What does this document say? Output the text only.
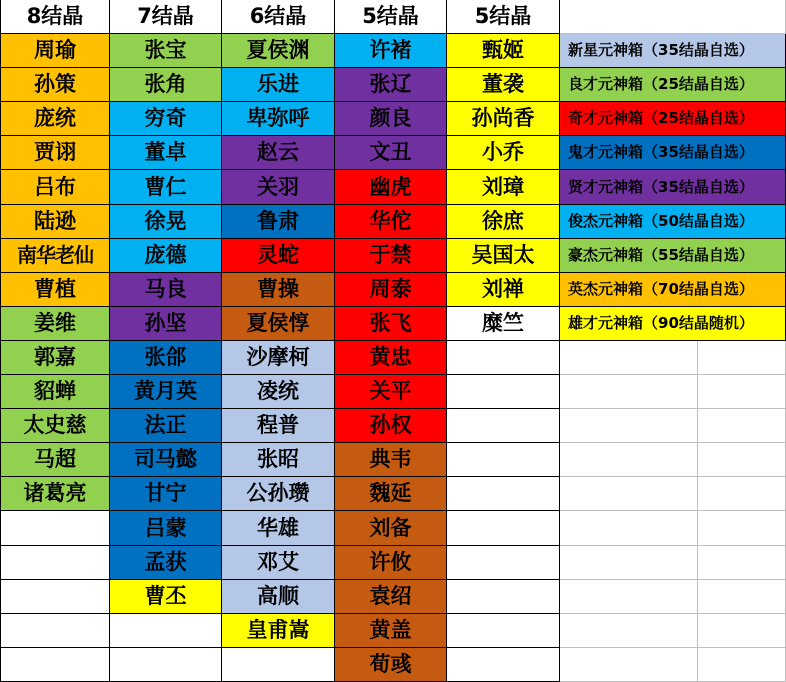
8结晶
周瑜
孙策
庞统
贾诩
吕布
陆逊
南华老仙
曹植
姜维
郭嘉
貂蝉
太史慈
马超
诸葛亮
7结晶
张宝
张角
穷奇
董卓
曹仁
徐晃
庞德
马良
孙坚
张郃
黄月英
法正
司马懿
甘宁
吕蒙
孟获
曹丕
6结晶
夏侯渊
乐进
卑弥呼
赵云
关羽
鲁肃
灵蛇
曹操
夏侯惇
沙摩柯
凌统
程普
张昭
公孙瓒
华雄
邓艾
高顺
皇甫嵩
5结晶
许褚
张辽
颜良
文丑
幽虎
华佗
于禁
周泰
张飞
黄忠
关平
孙权
典韦
魏延
刘备
许攸
袁绍
黄盖
荀彧
5结晶
甄姬
董袭
孙尚香
小乔
刘璋
徐庶
吴国太
刘禅
糜竺
新星元神箱（35结晶自选）
良才元神箱（25结晶自选）
奇才元神箱（25结晶自选）
鬼才元神箱（35结晶自选）
贤才元神箱（35结晶自选）
俊杰元神箱（50结晶自选）
豪杰元神箱（55结晶自选）
英杰元神箱（70结晶自选）
雄才元神箱（90结晶随机）
